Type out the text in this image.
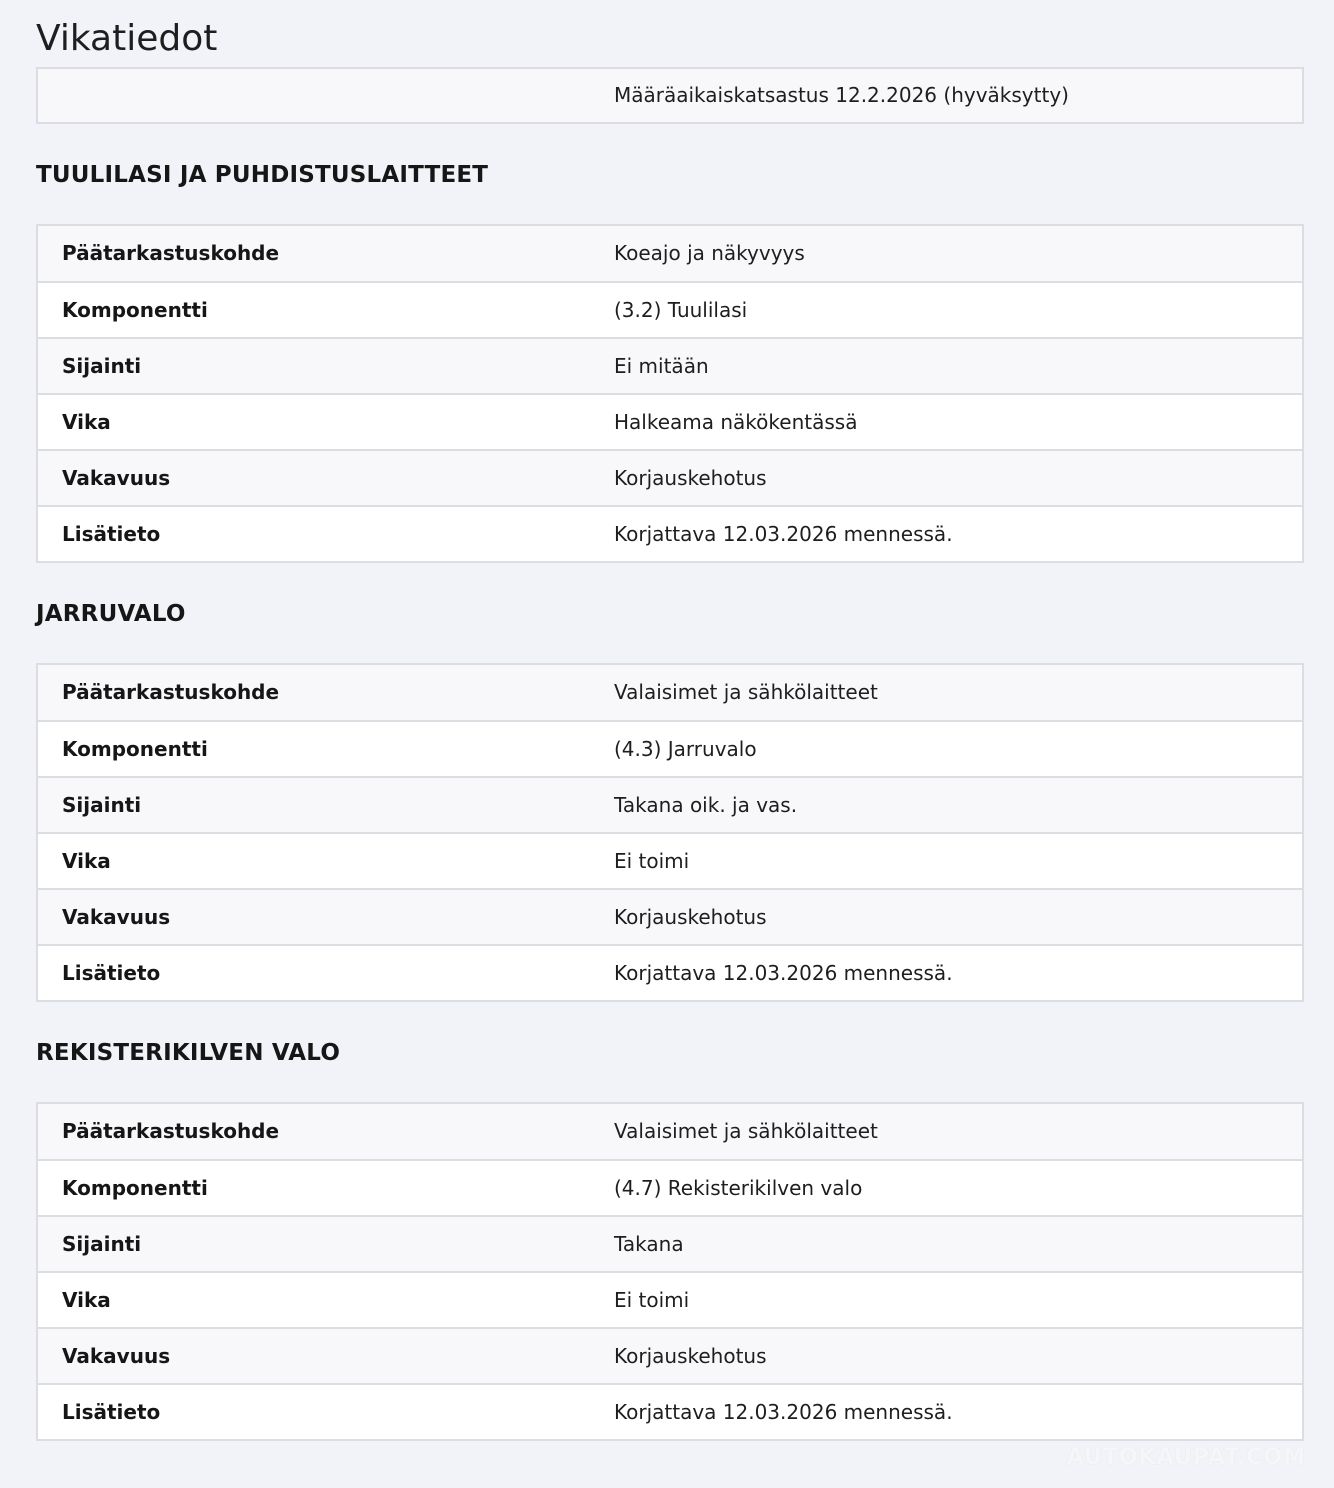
Vikatiedot
Määräaikaiskatsastus 12.2.2026 (hyväksytty)
TUULILASI JA PUHDISTUSLAITTEET
Päätarkastuskohde	Koeajo ja näkyvyys
Komponentti	(3.2) Tuulilasi
Sijainti	Ei mitään
Vika	Halkeama näkökentässä
Vakavuus	Korjauskehotus
Lisätieto	Korjattava 12.03.2026 mennessä.
JARRUVALO
Päätarkastuskohde	Valaisimet ja sähkölaitteet
Komponentti	(4.3) Jarruvalo
Sijainti	Takana oik. ja vas.
Vika	Ei toimi
Vakavuus	Korjauskehotus
Lisätieto	Korjattava 12.03.2026 mennessä.
REKISTERIKILVEN VALO
Päätarkastuskohde	Valaisimet ja sähkölaitteet
Komponentti	(4.7) Rekisterikilven valo
Sijainti	Takana
Vika	Ei toimi
Vakavuus	Korjauskehotus
Lisätieto	Korjattava 12.03.2026 mennessä.
AUTOKAUPAT.COM
